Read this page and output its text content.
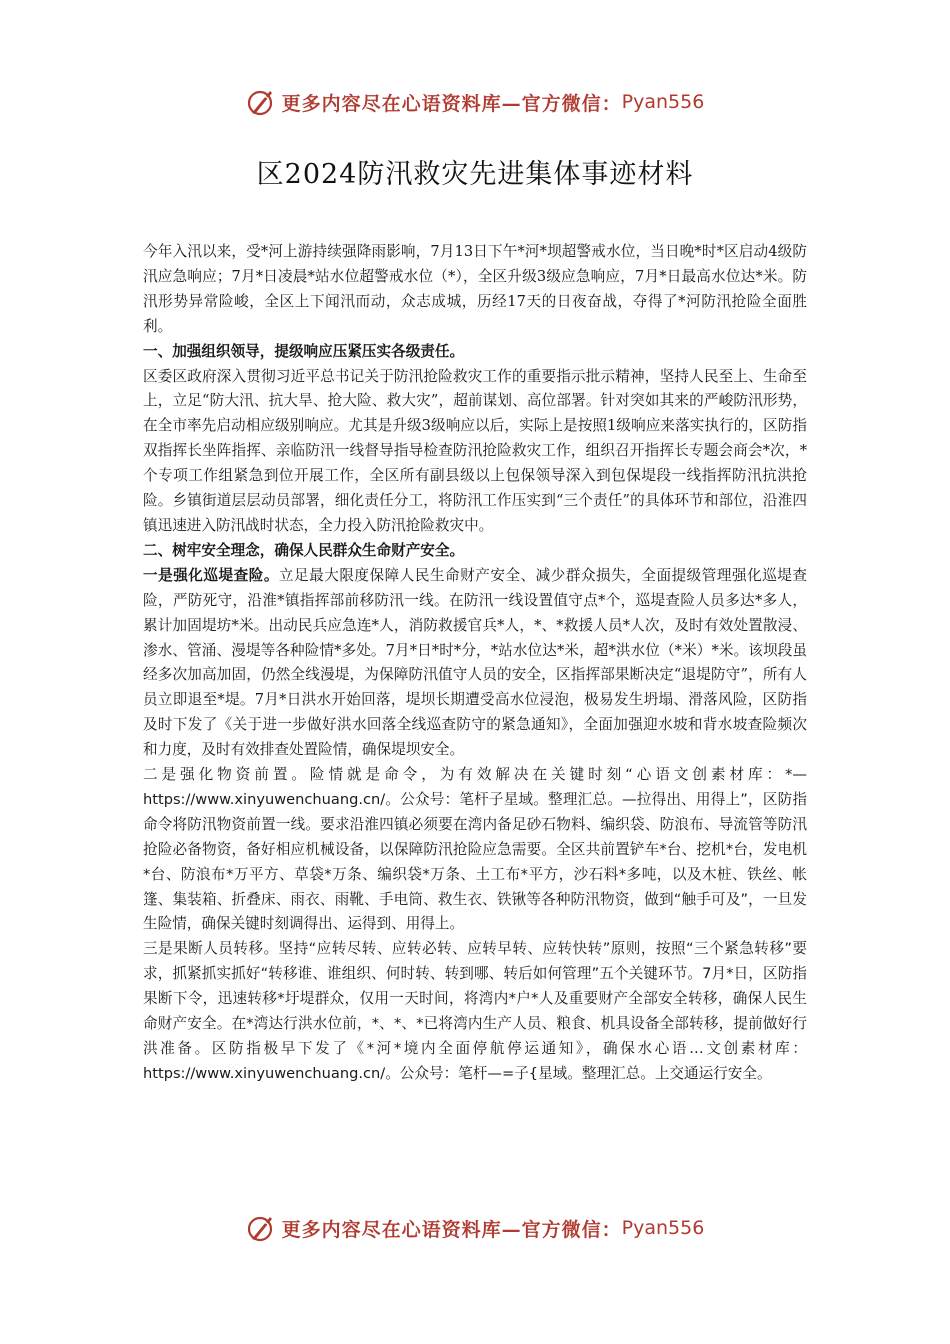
更多内容尽在心语资料库—官方微信： Pyan556
区2024防汛救灾先进集体事迹材料

今年入汛以来，受*河上游持续强降雨影响，7月13日下午*河*坝超警戒水位，当日晚*时*区启动4级防汛应急响应；7月*日凌晨*站水位超警戒水位（*），全区升级3级应急响应，7月*日最高水位达*米。防汛形势异常险峻，全区上下闻汛而动，众志成城，历经17天的日夜奋战，夺得了*河防汛抢险全面胜利。

一、加强组织领导，提级响应压紧压实各级责任。

区委区政府深入贯彻习近平总书记关于防汛抢险救灾工作的重要指示批示精神，坚持人民至上、生命至上，立足“防大汛、抗大旱、抢大险、救大灾”，超前谋划、高位部署。针对突如其来的严峻防汛形势，在全市率先启动相应级别响应。尤其是升级3级响应以后，实际上是按照1级响应来落实执行的，区防指双指挥长坐阵指挥、亲临防汛一线督导指导检查防汛抢险救灾工作，组织召开指挥长专题会商会*次，*个专项工作组紧急到位开展工作，全区所有副县级以上包保领导深入到包保堤段一线指挥防汛抗洪抢险。乡镇街道层层动员部署，细化责任分工，将防汛工作压实到“三个责任”的具体环节和部位，沿淮四镇迅速进入防汛战时状态，全力投入防汛抢险救灾中。

二、树牢安全理念，确保人民群众生命财产安全。

一是强化巡堤查险。立足最大限度保障人民生命财产安全、减少群众损失，全面提级管理强化巡堤查险，严防死守，沿淮*镇指挥部前移防汛一线。在防汛一线设置值守点*个，巡堤查险人员多达*多人，累计加固堤坊*米。出动民兵应急连*人，消防救援官兵*人，*、*救援人员*人次，及时有效处置散浸、渗水、管涌、漫堤等各种险情*多处。7月*日*时*分，*站水位达*米，超*洪水位（*米）*米。该坝段虽经多次加高加固，仍然全线漫堤，为保障防汛值守人员的安全，区指挥部果断决定“退堤防守”，所有人员立即退至*堤。7月*日洪水开始回落，堤坝长期遭受高水位浸泡，极易发生坍塌、滑落风险，区防指及时下发了《关于进一步做好洪水回落全线巡查防守的紧急通知》，全面加强迎水坡和背水坡查险频次和力度，及时有效排查处置险情，确保堤坝安全。

二是强化物资前置。险情就是命令，为有效解决在关键时刻“心语文创素材库：*—https://www.xinyuwenchuang.cn/。公众号：笔杆子星域。整理汇总。—拉得出、用得上”，区防指命令将防汛物资前置一线。要求沿淮四镇必须要在湾内备足砂石物料、编织袋、防浪布、导流管等防汛抢险必备物资，备好相应机械设备，以保障防汛抢险应急需要。全区共前置铲车*台、挖机*台，发电机*台、防浪布*万平方、草袋*万条、编织袋*万条、土工布*平方，沙石料*多吨，以及木桩、铁丝、帐篷、集装箱、折叠床、雨衣、雨靴、手电筒、救生衣、铁锹等各种防汛物资，做到“触手可及”，一旦发生险情，确保关键时刻调得出、运得到、用得上。

三是果断人员转移。坚持“应转尽转、应转必转、应转早转、应转快转”原则，按照“三个紧急转移”要求，抓紧抓实抓好“转移谁、谁组织、何时转、转到哪、转后如何管理”五个关键环节。7月*日，区防指果断下令，迅速转移*圩堤群众，仅用一天时间，将湾内*户*人及重要财产全部安全转移，确保人民生命财产安全。在*湾达行洪水位前，*、*、*已将湾内生产人员、粮食、机具设备全部转移，提前做好行洪准备。区防指极早下发了《*河*境内全面停航停运通知》，确保水心语…文创素材库：https://www.xinyuwenchuang.cn/。公众号：笔杆—=子{星域。整理汇总。上交通运行安全。

更多内容尽在心语资料库—官方微信： Pyan556
